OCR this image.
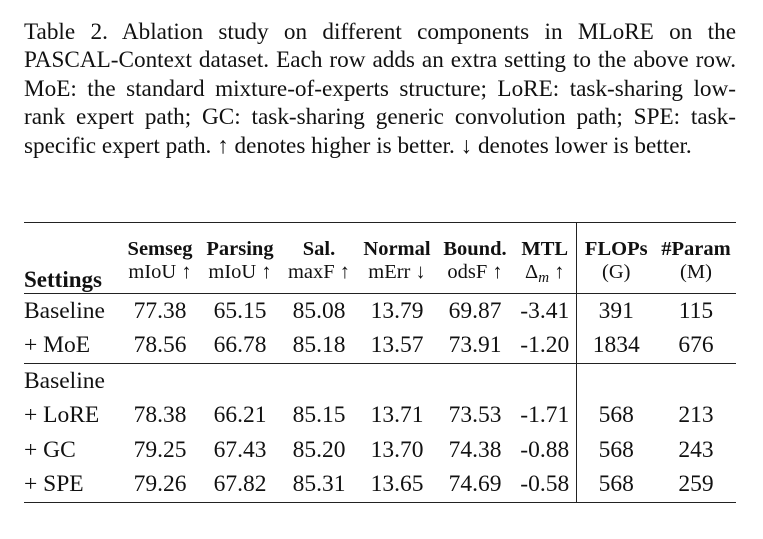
Table 2. Ablation study on different components in MLoRE on the PASCAL-Context dataset. Each row adds an extra setting to the above row. MoE: the standard mixture-of-experts structure; LoRE: task-sharing low-rank expert path; GC: task-sharing generic convolution path; SPE: task-specific expert path. ↑ denotes higher is better. ↓ denotes lower is better.
Settings	Semseg	Parsing	Sal.	Normal	Bound.	MTL	FLOPs	#Param
	mIoU ↑	mIoU ↑	maxF ↑	mErr ↓	odsF ↑	$\Delta_m$ ↑	(G)	(M)
Baseline	77.38	65.15	85.08	13.79	69.87	-3.41	391	115
+ MoE	78.56	66.78	85.18	13.57	73.91	-1.20	1834	676
Baseline								
+ LoRE	78.38	66.21	85.15	13.71	73.53	-1.71	568	213
+ GC	79.25	67.43	85.20	13.70	74.38	-0.88	568	243
+ SPE	79.26	67.82	85.31	13.65	74.69	-0.58	568	259
